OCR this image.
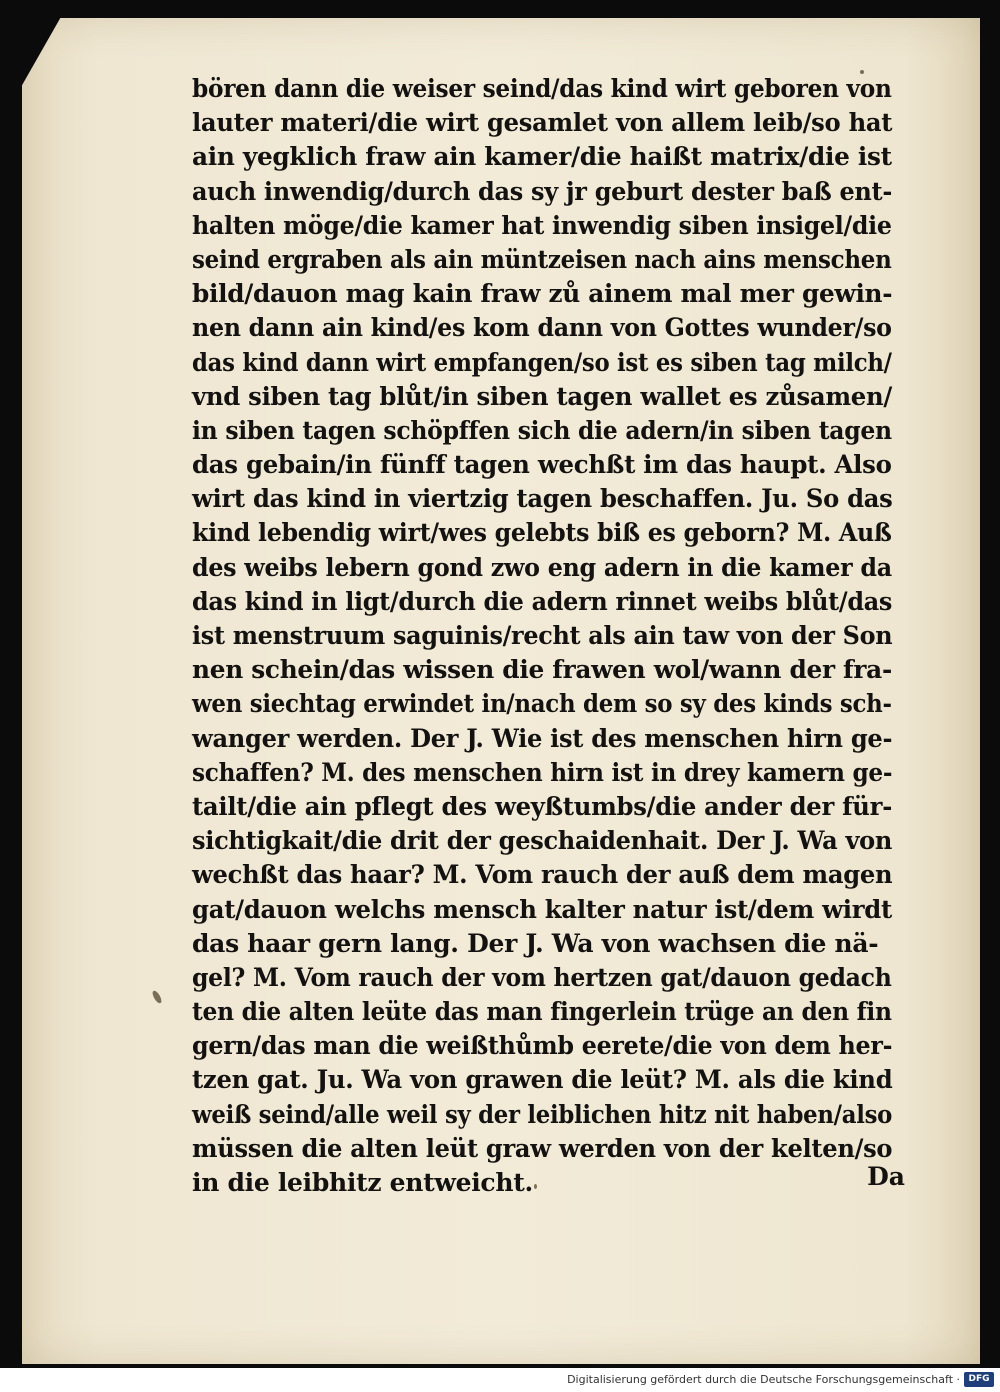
bören dann die weiser seind/das kind wirt geboren von
lauter materi/die wirt gesamlet von allem leib/so hat
ain yegklich fraw ain kamer/die haißt matrix/die ist
auch inwendig/durch das sy jr geburt dester baß ent-
halten möge/die kamer hat inwendig siben insigel/die
seind ergraben als ain müntzeisen nach ains menschen
bild/dauon mag kain fraw zů ainem mal mer gewin-
nen dann ain kind/es kom dann von Gottes wunder/so
das kind dann wirt empfangen/so ist es siben tag milch/
vnd siben tag blůt/in siben tagen wallet es zůsamen/
in siben tagen schöpffen sich die adern/in siben tagen
das gebain/in fünff tagen wechßt im das haupt. Also
wirt das kind in viertzig tagen beschaffen. Ju. So das
kind lebendig wirt/wes gelebts biß es geborn? M. Auß
des weibs lebern gond zwo eng adern in die kamer da
das kind in ligt/durch die adern rinnet weibs blůt/das
ist menstruum saguinis/recht als ain taw von der Son
nen schein/das wissen die frawen wol/wann der fra-
wen siechtag erwindet in/nach dem so sy des kinds sch-
wanger werden. Der J. Wie ist des menschen hirn ge-
schaffen? M. des menschen hirn ist in drey kamern ge-
tailt/die ain pflegt des weyßtumbs/die ander der für-
sichtigkait/die drit der geschaidenhait. Der J. Wa von
wechßt das haar? M. Vom rauch der auß dem magen
gat/dauon welchs mensch kalter natur ist/dem wirdt
das haar gern lang. Der J. Wa von wachsen die nä-
gel? M. Vom rauch der vom hertzen gat/dauon gedach
ten die alten leüte das man fingerlein trüge an den fin
gern/das man die weißthůmb eerete/die von dem her-
tzen gat. Ju. Wa von grawen die leüt? M. als die kind
weiß seind/alle weil sy der leiblichen hitz nit haben/also
müssen die alten leüt graw werden von der kelten/so
in die leibhitz entweicht.	Da
Digitalisierung gefördert durch die Deutsche Forschungsgemeinschaft · DFG
